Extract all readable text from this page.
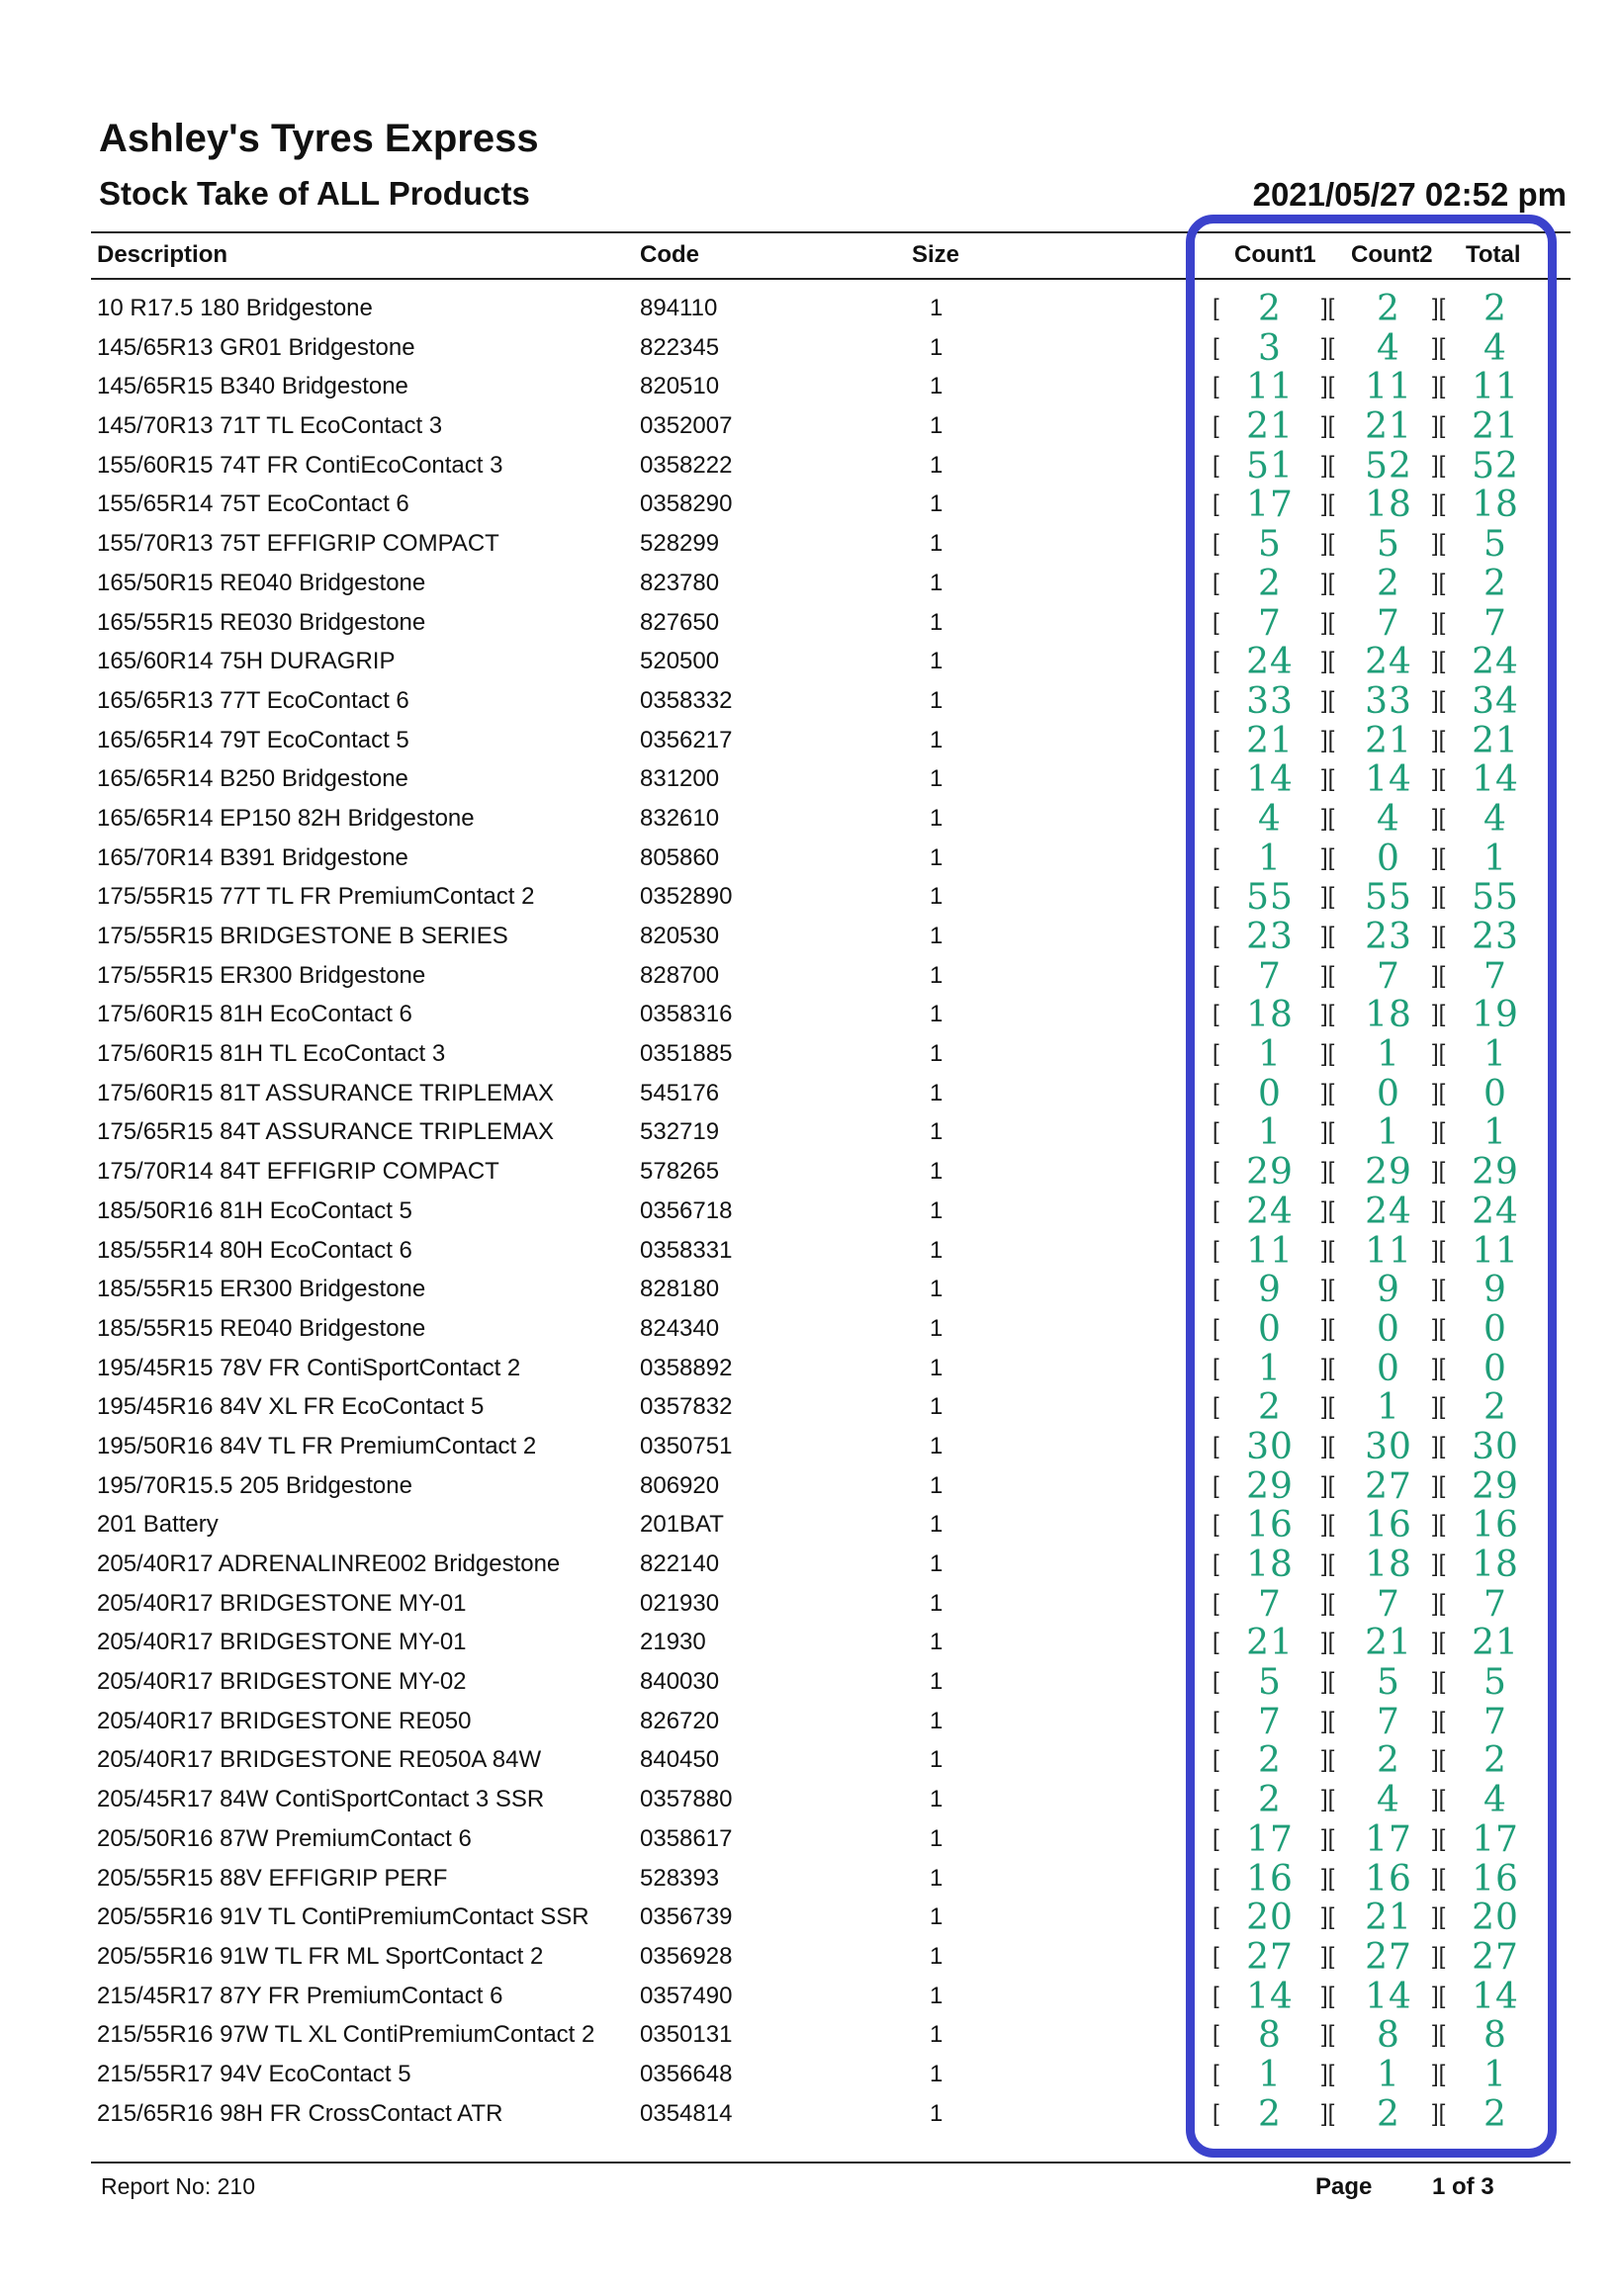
Ashley's Tyres Express
Stock Take of ALL Products	2021/05/27 02:52 pm
Description	Code	Size	Count1 Count2 Total
10 R17.5 180 Bridgestone	894110	1	[	2	][	2	][	2
145/65R13 GR01 Bridgestone	822345	1	[	3	][	4	][	4
145/65R15 B340 Bridgestone	820510	1	[ 11	][ 11 ][ 11
145/70R13 71T TL EcoContact 3	0352007	1	[ 21	][ 21 ][ 21
155/60R15 74T FR ContiEcoContact 3	0358222	1	[ 51	][ 52 ][ 52
155/65R14 75T EcoContact 6	0358290	1	[ 17	][ 18 ][ 18
155/70R13 75T EFFIGRIP COMPACT	528299	1	[	5	][	5	][	5
165/50R15 RE040 Bridgestone	823780	1	[	2	][	2	][	2
165/55R15 RE030 Bridgestone	827650	1	[	7	][	7	][	7
165/60R14 75H DURAGRIP	520500	1	[ 24	][ 24 ][ 24
165/65R13 77T EcoContact 6	0358332	1	[ 33	][ 33 ][ 34
165/65R14 79T EcoContact 5	0356217	1	[ 21	][ 21 ][ 21
165/65R14 B250 Bridgestone	831200	1	[ 14	][ 14 ][ 14
165/65R14 EP150 82H Bridgestone	832610	1	[	4	][	4	][	4
165/70R14 B391 Bridgestone	805860	1	[	1	][	0	][	1
175/55R15 77T TL FR PremiumContact 2	0352890	1	[ 55	][ 55 ][ 55
175/55R15 BRIDGESTONE B SERIES	820530	1	[ 23	][ 23 ][ 23
175/55R15 ER300 Bridgestone	828700	1	[	7	][	7	][	7
175/60R15 81H EcoContact 6	0358316	1	[ 18	][ 18 ][ 19
175/60R15 81H TL EcoContact 3	0351885	1	[	1	][	1	][	1
175/60R15 81T ASSURANCE TRIPLEMAX	545176	1	[	0	][	0	][	0
175/65R15 84T ASSURANCE TRIPLEMAX	532719	1	[	1	][	1	][	1
175/70R14 84T EFFIGRIP COMPACT	578265	1	[ 29	][ 29 ][ 29
185/50R16 81H EcoContact 5	0356718	1	[ 24	][ 24 ][ 24
185/55R14 80H EcoContact 6	0358331	1	[ 11	][ 11 ][ 11
185/55R15 ER300 Bridgestone	828180	1	[	9	][	9	][	9
185/55R15 RE040 Bridgestone	824340	1	[	0	][	0	][	0
195/45R15 78V FR ContiSportContact 2	0358892	1	[	1	][	0	][	0
195/45R16 84V XL FR EcoContact 5	0357832	1	[	2	][	1	][	2
195/50R16 84V TL FR PremiumContact 2	0350751	1	[ 30	][ 30 ][ 30
195/70R15.5 205 Bridgestone	806920	1	[ 29	][ 27 ][ 29
201 Battery	201BAT	1	[ 16	][ 16 ][ 16
205/40R17 ADRENALINRE002 Bridgestone	822140	1	[ 18	][ 18 ][ 18
205/40R17 BRIDGESTONE MY-01	021930	1	[	7	][	7	][	7
205/40R17 BRIDGESTONE MY-01	21930	1	[ 21	][ 21 ][ 21
205/40R17 BRIDGESTONE MY-02	840030	1	[	5	][	5	][	5
205/40R17 BRIDGESTONE RE050	826720	1	[	7	][	7	][	7
205/40R17 BRIDGESTONE RE050A 84W	840450	1	[	2	][	2	][	2
205/45R17 84W ContiSportContact 3 SSR	0357880	1	[	2	][	4	][	4
205/50R16 87W PremiumContact 6	0358617	1	[ 17	][ 17 ][ 17
205/55R15 88V EFFIGRIP PERF	528393	1	[ 16	][ 16 ][ 16
205/55R16 91V TL ContiPremiumContact SSR 0356739	1	[ 20	][ 21 ][ 20
205/55R16 91W TL FR ML SportContact 2	0356928	1	[ 27	][ 27 ][ 27
215/45R17 87Y FR PremiumContact 6	0357490	1	[ 14	][ 14 ][ 14
215/55R16 97W TL XL ContiPremiumContact 2 0350131	1	[	8	][	8	][	8
215/55R17 94V EcoContact 5	0356648	1	[	1	][	1	][	1
215/65R16 98H FR CrossContact ATR	0354814	1	[	2	][	2	][	2
Report No: 210	Page	1 of 3
